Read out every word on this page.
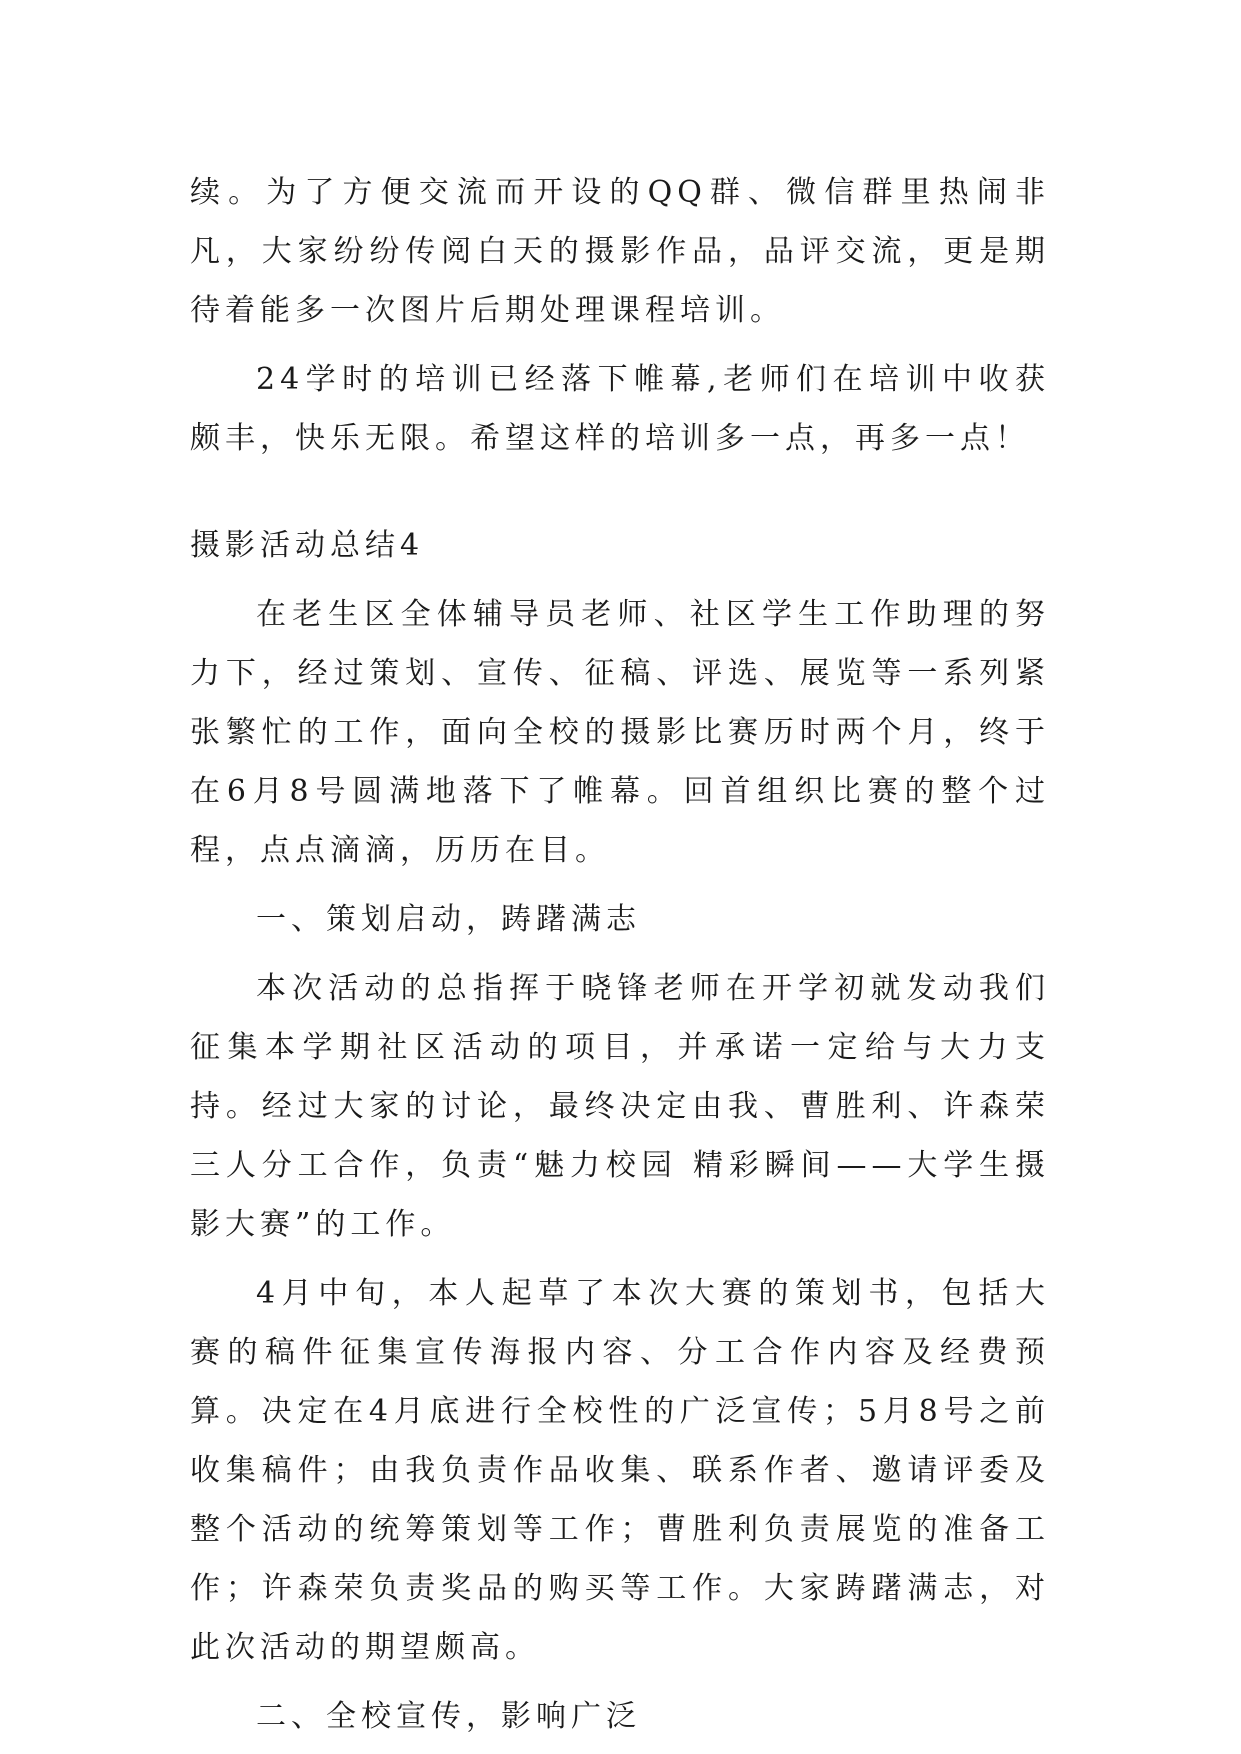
续。为了方便交流而开设的QQ群、微信群里热闹非凡，大家纷纷传阅白天的摄影作品，品评交流，更是期待着能多一次图片后期处理课程培训。

24学时的培训已经落下帷幕,老师们在培训中收获颇丰，快乐无限。希望这样的培训多一点，再多一点！

摄影活动总结4

在老生区全体辅导员老师、社区学生工作助理的努力下，经过策划、宣传、征稿、评选、展览等一系列紧张繁忙的工作，面向全校的摄影比赛历时两个月，终于在6月8号圆满地落下了帷幕。回首组织比赛的整个过程，点点滴滴，历历在目。

一、策划启动，踌躇满志

本次活动的总指挥于晓锋老师在开学初就发动我们征集本学期社区活动的项目，并承诺一定给与大力支持。经过大家的讨论，最终决定由我、曹胜利、许森荣三人分工合作，负责“魅力校园 精彩瞬间——大学生摄影大赛”的工作。

4月中旬，本人起草了本次大赛的策划书，包括大赛的稿件征集宣传海报内容、分工合作内容及经费预算。决定在4月底进行全校性的广泛宣传；5月8号之前收集稿件；由我负责作品收集、联系作者、邀请评委及整个活动的统筹策划等工作；曹胜利负责展览的准备工作；许森荣负责奖品的购买等工作。大家踌躇满志，对此次活动的期望颇高。

二、全校宣传，影响广泛
